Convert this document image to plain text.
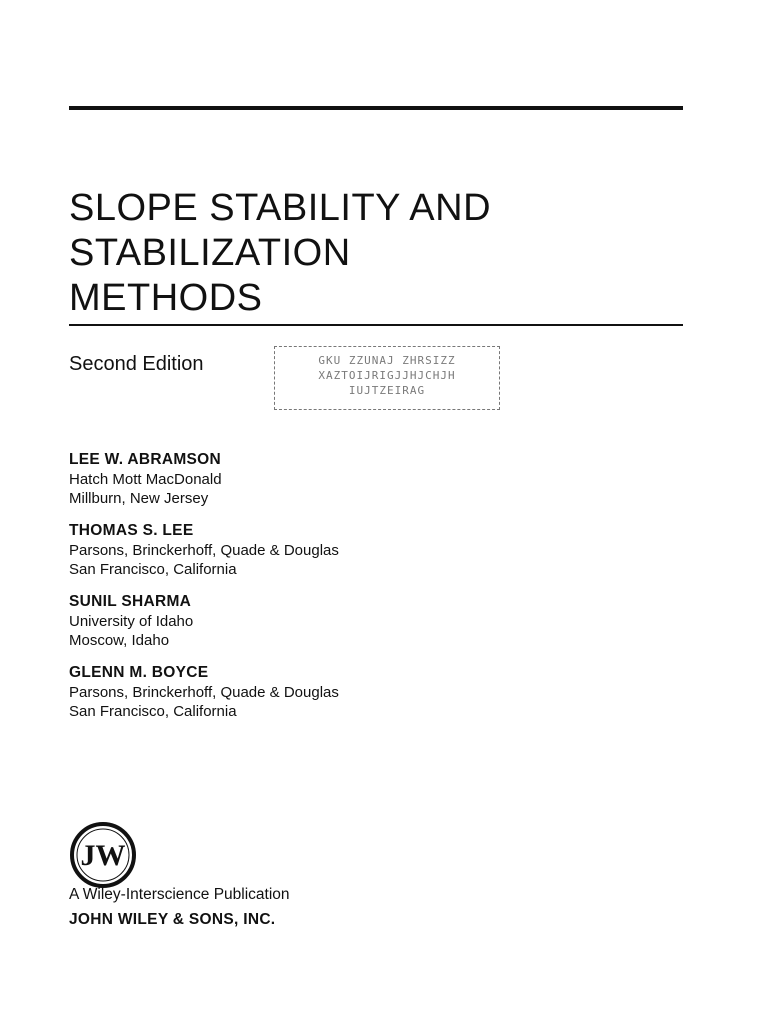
SLOPE STABILITY AND
STABILIZATION
METHODS
Second Edition	GKU ZZUNAJ ZHRSIZZ
XAZTOIJRIGJJHJCHJH
IUJTZEIRAG
LEE W. ABRAMSON
Hatch Mott MacDonald
Millburn, New Jersey
THOMAS S. LEE
Parsons, Brinckerhoff, Quade & Douglas
San Francisco, California
SUNIL SHARMA
University of Idaho
Moscow, Idaho
GLENN M. BOYCE
Parsons, Brinckerhoff, Quade & Douglas
San Francisco, California
JW
A Wiley-Interscience Publication
JOHN WILEY & SONS, INC.
